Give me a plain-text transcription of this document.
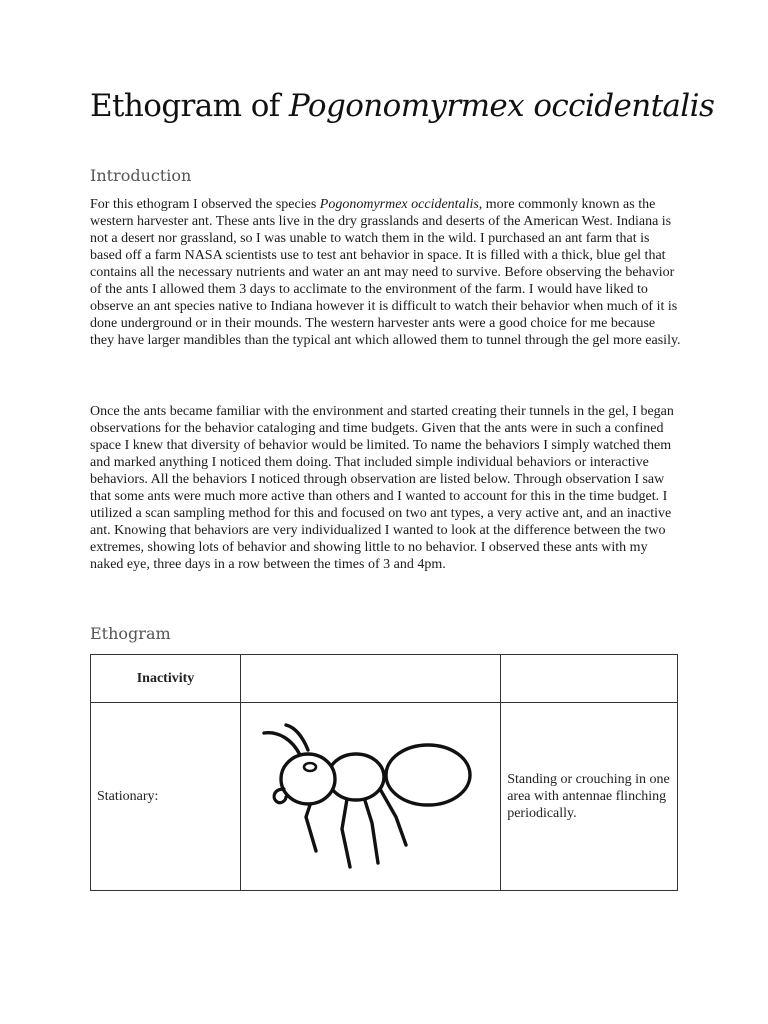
Ethogram of Pogonomyrmex occidentalis
Introduction

For this ethogram I observed the species Pogonomyrmex occidentalis, more commonly known as the western harvester ant. These ants live in the dry grasslands and deserts of the American West. Indiana is not a desert nor grassland, so I was unable to watch them in the wild. I purchased an ant farm that is based off a farm NASA scientists use to test ant behavior in space. It is filled with a thick, blue gel that contains all the necessary nutrients and water an ant may need to survive. Before observing the behavior of the ants I allowed them 3 days to acclimate to the environment of the farm. I would have liked to observe an ant species native to Indiana however it is difficult to watch their behavior when much of it is done underground or in their mounds. The western harvester ants were a good choice for me because they have larger mandibles than the typical ant which allowed them to tunnel through the gel more easily.

Once the ants became familiar with the environment and started creating their tunnels in the gel, I began observations for the behavior cataloging and time budgets. Given that the ants were in such a confined space I knew that diversity of behavior would be limited. To name the behaviors I simply watched them and marked anything I noticed them doing. That included simple individual behaviors or interactive behaviors. All the behaviors I noticed through observation are listed below. Through observation I saw that some ants were much more active than others and I wanted to account for this in the time budget. I utilized a scan sampling method for this and focused on two ant types, a very active ant, and an inactive ant. Knowing that behaviors are very individualized I wanted to look at the difference between the two extremes, showing lots of behavior and showing little to no behavior. I observed these ants with my naked eye, three days in a row between the times of 3 and 4pm.

Ethogram
Inactivity		
Stationary:		Standing or crouching in one area with antennae flinching periodically.
